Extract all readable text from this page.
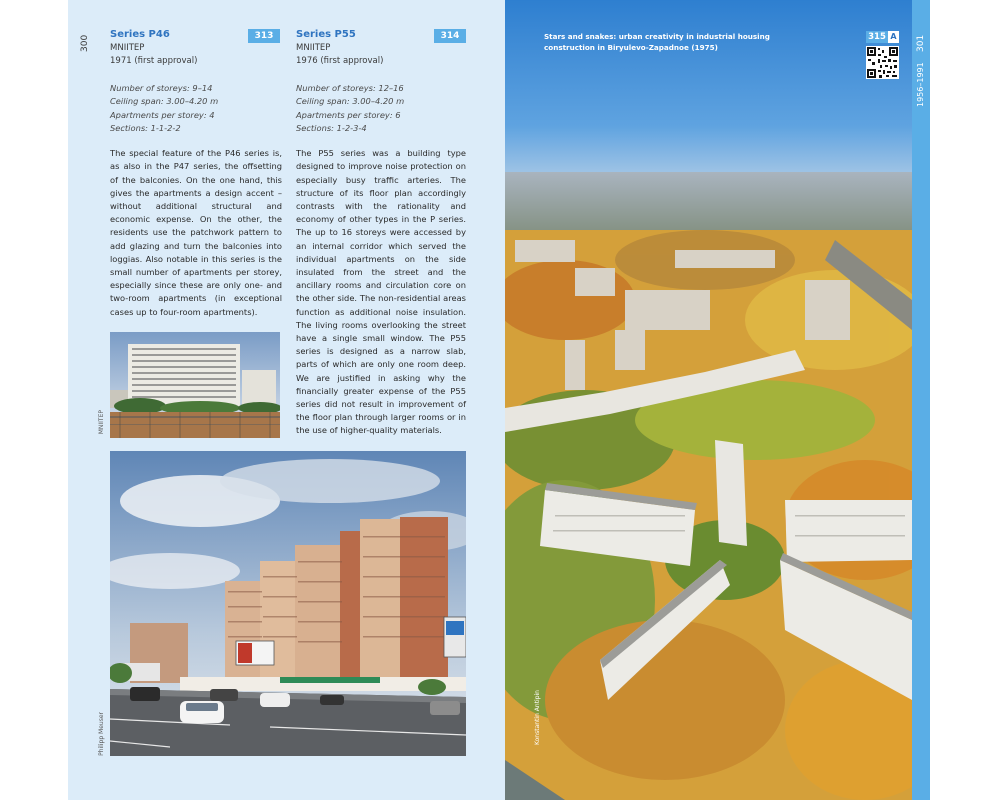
300	Series P46
MNIITEP
1971 (first approval)
Number of storeys: 9–14
Ceiling span: 3.00–4.20 m
Apartments per storey: 4
Sections: 1-1-2-2
The special feature of the P46 series is, as also in the P47 series, the offsetting of the balconies. On the one hand, this gives the apartments a design accent – without additional structural and economic expense. On the other, the residents use the patchwork pattern to add glazing and turn the balconies into loggias. Also notable in this series is the small number of apartments per storey, especially since these are only one- and two-room apartments (in exceptional cases up to four-room apartments).
313	Series P55
MNIITEP
1976 (first approval)
Number of storeys: 12–16
Ceiling span: 3.00–4.20 m
Apartments per storey: 6
Sections: 1-2-3-4
The P55 series was a building type designed to improve noise protection on especially busy traffic arteries. The structure of its floor plan accordingly contrasts with the rationality and economy of other types in the P series. The up to 16 storeys were accessed by an internal corridor which served the individual apartments on the side insulated from the street and the ancillary rooms and circulation core on the other side. The non-residential areas function as additional noise insulation. The living rooms overlooking the street have a single small window. The P55 series is designed as a narrow slab, parts of which are only one room deep. We are justified in asking why the financially greater expense of the P55 series did not result in improvement of the floor plan through larger rooms or in the use of higher-quality materials.
314
MNIITEP
Philipp Meuser
Stars and snakes: urban creativity in industrial housing construction in Biryulevo-Zapadnoe (1975)
315 A
Konstantin Antipin
301
1956–1991
